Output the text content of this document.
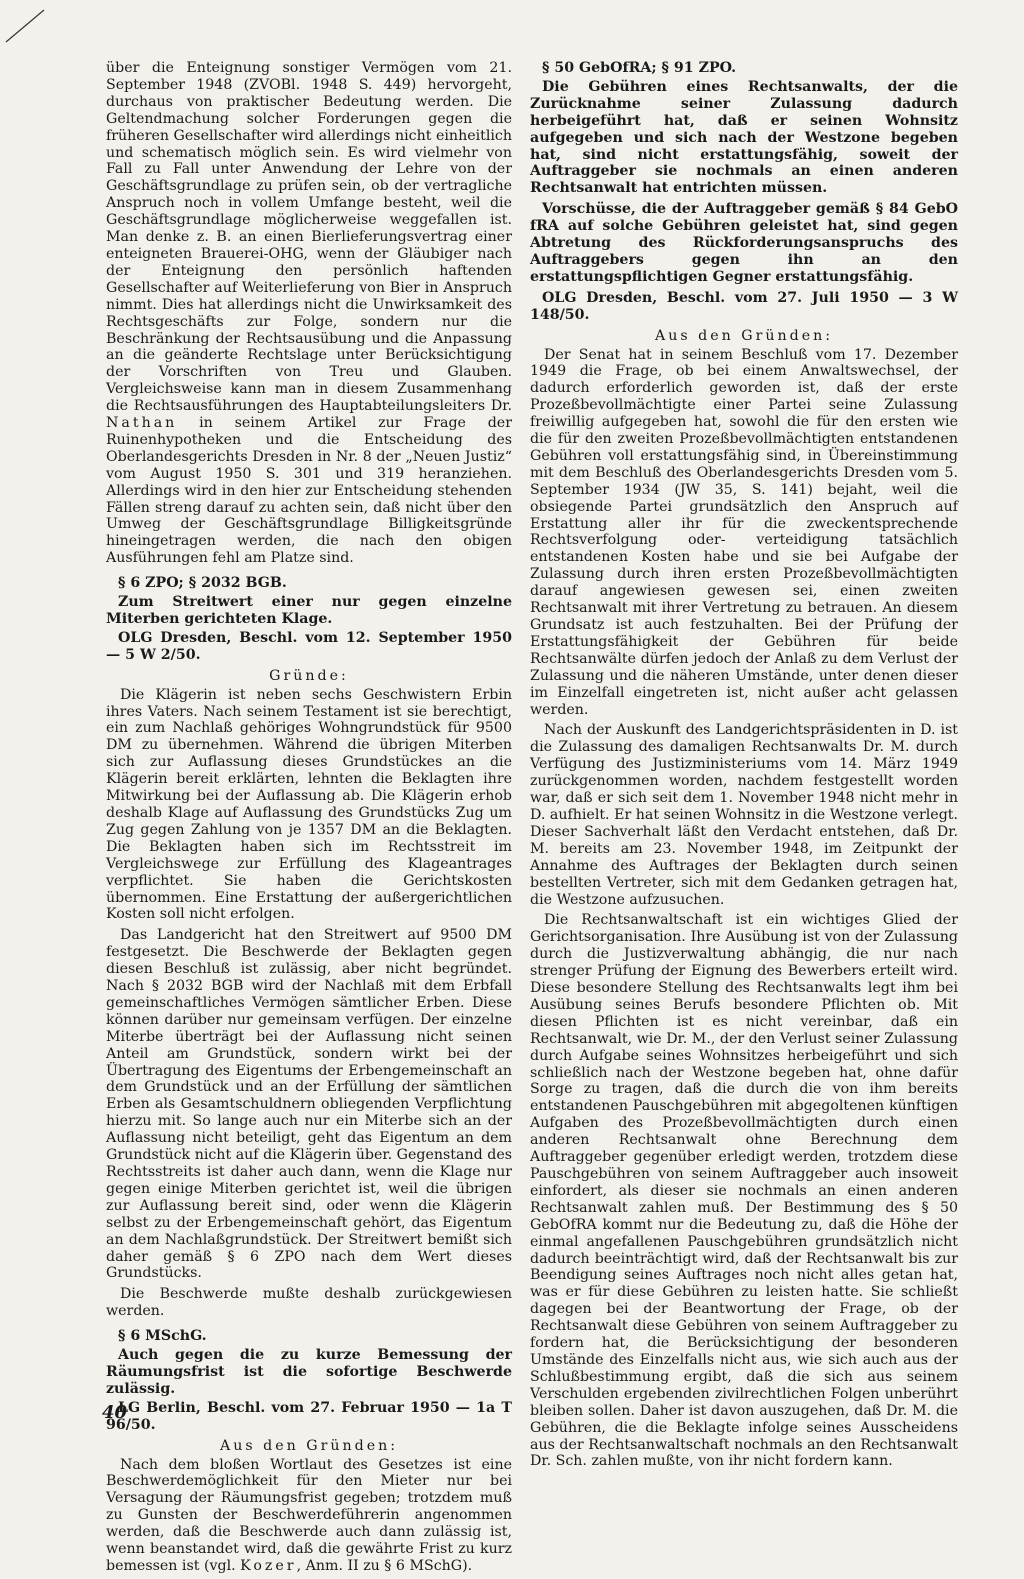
über die Enteignung sonstiger Vermögen vom 21. September 1948 (ZVOBl. 1948 S. 449) hervorgeht, durchaus von praktischer Bedeutung werden. Die Geltendmachung solcher Forderungen gegen die früheren Gesellschafter wird allerdings nicht einheitlich und schematisch möglich sein. Es wird vielmehr von Fall zu Fall unter Anwendung der Lehre von der Geschäftsgrundlage zu prüfen sein, ob der vertragliche Anspruch noch in vollem Umfange besteht, weil die Geschäftsgrundlage möglicherweise weggefallen ist. Man denke z. B. an einen Bierlieferungsvertrag einer enteigneten Brauerei-OHG, wenn der Gläubiger nach der Enteignung den persönlich haftenden Gesellschafter auf Weiterlieferung von Bier in Anspruch nimmt. Dies hat allerdings nicht die Unwirksamkeit des Rechtsgeschäfts zur Folge, sondern nur die Beschränkung der Rechtsausübung und die Anpassung an die geänderte Rechtslage unter Berücksichtigung der Vorschriften von Treu und Glauben. Vergleichsweise kann man in diesem Zusammenhang die Rechtsausführungen des Hauptabteilungsleiters Dr. Nathan in seinem Artikel zur Frage der Ruinenhypotheken und die Entscheidung des Oberlandesgerichts Dresden in Nr. 8 der „Neuen Justiz“ vom August 1950 S. 301 und 319 heranziehen. Allerdings wird in den hier zur Entscheidung stehenden Fällen streng darauf zu achten sein, daß nicht über den Umweg der Geschäftsgrundlage Billigkeitsgründe hineingetragen werden, die nach den obigen Ausführungen fehl am Platze sind.

§ 6 ZPO; § 2032 BGB.
Zum Streitwert einer nur gegen einzelne Miterben gerichteten Klage.
OLG Dresden, Beschl. vom 12. September 1950 — 5 W 2/50.
Gründe:

Die Klägerin ist neben sechs Geschwistern Erbin ihres Vaters. Nach seinem Testament ist sie berechtigt, ein zum Nachlaß gehöriges Wohngrundstück für 9500 DM zu übernehmen. Während die übrigen Miterben sich zur Auflassung dieses Grundstückes an die Klägerin bereit erklärten, lehnten die Beklagten ihre Mitwirkung bei der Auflassung ab. Die Klägerin erhob deshalb Klage auf Auflassung des Grundstücks Zug um Zug gegen Zahlung von je 1357 DM an die Beklagten. Die Beklagten haben sich im Rechtsstreit im Vergleichswege zur Erfüllung des Klageantrages verpflichtet. Sie haben die Gerichtskosten übernommen. Eine Erstattung der außergerichtlichen Kosten soll nicht erfolgen.

Das Landgericht hat den Streitwert auf 9500 DM festgesetzt. Die Beschwerde der Beklagten gegen diesen Beschluß ist zulässig, aber nicht begründet. Nach § 2032 BGB wird der Nachlaß mit dem Erbfall gemeinschaftliches Vermögen sämtlicher Erben. Diese können darüber nur gemeinsam verfügen. Der einzelne Miterbe überträgt bei der Auflassung nicht seinen Anteil am Grundstück, sondern wirkt bei der Übertragung des Eigentums der Erbengemeinschaft an dem Grundstück und an der Erfüllung der sämtlichen Erben als Gesamtschuldnern obliegenden Verpflichtung hierzu mit. So lange auch nur ein Miterbe sich an der Auflassung nicht beteiligt, geht das Eigentum an dem Grundstück nicht auf die Klägerin über. Gegenstand des Rechtsstreits ist daher auch dann, wenn die Klage nur gegen einige Miterben gerichtet ist, weil die übrigen zur Auflassung bereit sind, oder wenn die Klägerin selbst zu der Erbengemeinschaft gehört, das Eigentum an dem Nachlaßgrundstück. Der Streitwert bemißt sich daher gemäß § 6 ZPO nach dem Wert dieses Grundstücks.

Die Beschwerde mußte deshalb zurückgewiesen werden.

§ 6 MSchG.
Auch gegen die zu kurze Bemessung der Räumungsfrist ist die sofortige Beschwerde zulässig.
LG Berlin, Beschl. vom 27. Februar 1950 — 1a T 96/50.
Aus den Gründen:

Nach dem bloßen Wortlaut des Gesetzes ist eine Beschwerdemöglichkeit für den Mieter nur bei Versagung der Räumungsfrist gegeben; trotzdem muß zu Gunsten der Beschwerdeführerin angenommen werden, daß die Beschwerde auch dann zulässig ist, wenn beanstandet wird, daß die gewährte Frist zu kurz bemessen ist (vgl. Kozer, Anm. II zu § 6 MSchG).

§ 50 GebOfRA; § 91 ZPO.

Die Gebühren eines Rechtsanwalts, der die Zurücknahme seiner Zulassung dadurch herbeigeführt hat, daß er seinen Wohnsitz aufgegeben und sich nach der Westzone begeben hat, sind nicht erstattungsfähig, soweit der Auftraggeber sie nochmals an einen anderen Rechtsanwalt hat entrichten müssen.

Vorschüsse, die der Auftraggeber gemäß § 84 GebO fRA auf solche Gebühren geleistet hat, sind gegen Abtretung des Rückforderungsanspruchs des Auftraggebers gegen ihn an den erstattungspflichtigen Gegner erstattungsfähig.

OLG Dresden, Beschl. vom 27. Juli 1950 — 3 W 148/50.
Aus den Gründen:

Der Senat hat in seinem Beschluß vom 17. Dezember 1949 die Frage, ob bei einem Anwaltswechsel, der dadurch erforderlich geworden ist, daß der erste Prozeßbevollmächtigte einer Partei seine Zulassung freiwillig aufgegeben hat, sowohl die für den ersten wie die für den zweiten Prozeßbevollmächtigten entstandenen Gebühren voll erstattungsfähig sind, in Übereinstimmung mit dem Beschluß des Oberlandesgerichts Dresden vom 5. September 1934 (JW 35, S. 141) bejaht, weil die obsiegende Partei grundsätzlich den Anspruch auf Erstattung aller ihr für die zweckentsprechende Rechtsverfolgung oder- verteidigung tatsächlich entstandenen Kosten habe und sie bei Aufgabe der Zulassung durch ihren ersten Prozeßbevollmächtigten darauf angewiesen gewesen sei, einen zweiten Rechtsanwalt mit ihrer Vertretung zu betrauen. An diesem Grundsatz ist auch festzuhalten. Bei der Prüfung der Erstattungsfähigkeit der Gebühren für beide Rechtsanwälte dürfen jedoch der Anlaß zu dem Verlust der Zulassung und die näheren Umstände, unter denen dieser im Einzelfall eingetreten ist, nicht außer acht gelassen werden.

Nach der Auskunft des Landgerichtspräsidenten in D. ist die Zulassung des damaligen Rechtsanwalts Dr. M. durch Verfügung des Justizministeriums vom 14. März 1949 zurückgenommen worden, nachdem festgestellt worden war, daß er sich seit dem 1. November 1948 nicht mehr in D. aufhielt. Er hat seinen Wohnsitz in die Westzone verlegt. Dieser Sachverhalt läßt den Verdacht entstehen, daß Dr. M. bereits am 23. November 1948, im Zeitpunkt der Annahme des Auftrages der Beklagten durch seinen bestellten Vertreter, sich mit dem Gedanken getragen hat, die Westzone aufzusuchen.

Die Rechtsanwaltschaft ist ein wichtiges Glied der Gerichtsorganisation. Ihre Ausübung ist von der Zulassung durch die Justizverwaltung abhängig, die nur nach strenger Prüfung der Eignung des Bewerbers erteilt wird. Diese besondere Stellung des Rechtsanwalts legt ihm bei Ausübung seines Berufs besondere Pflichten ob. Mit diesen Pflichten ist es nicht vereinbar, daß ein Rechtsanwalt, wie Dr. M., der den Verlust seiner Zulassung durch Aufgabe seines Wohnsitzes herbeigeführt und sich schließlich nach der Westzone begeben hat, ohne dafür Sorge zu tragen, daß die durch die von ihm bereits entstandenen Pauschgebühren mit abgegoltenen künftigen Aufgaben des Prozeßbevollmächtigten durch einen anderen Rechtsanwalt ohne Berechnung dem Auftraggeber gegenüber erledigt werden, trotzdem diese Pauschgebühren von seinem Auftraggeber auch insoweit einfordert, als dieser sie nochmals an einen anderen Rechtsanwalt zahlen muß. Der Bestimmung des § 50 GebOfRA kommt nur die Bedeutung zu, daß die Höhe der einmal angefallenen Pauschgebühren grundsätzlich nicht dadurch beeinträchtigt wird, daß der Rechtsanwalt bis zur Beendigung seines Auftrages noch nicht alles getan hat, was er für diese Gebühren zu leisten hatte. Sie schließt dagegen bei der Beantwortung der Frage, ob der Rechtsanwalt diese Gebühren von seinem Auftraggeber zu fordern hat, die Berücksichtigung der besonderen Umstände des Einzelfalls nicht aus, wie sich auch aus der Schlußbestimmung ergibt, daß die sich aus seinem Verschulden ergebenden zivilrechtlichen Folgen unberührt bleiben sollen. Daher ist davon auszugehen, daß Dr. M. die Gebühren, die die Beklagte infolge seines Ausscheidens aus der Rechtsanwaltschaft nochmals an den Rechtsanwalt Dr. Sch. zahlen mußte, von ihr nicht fordern kann.

40
